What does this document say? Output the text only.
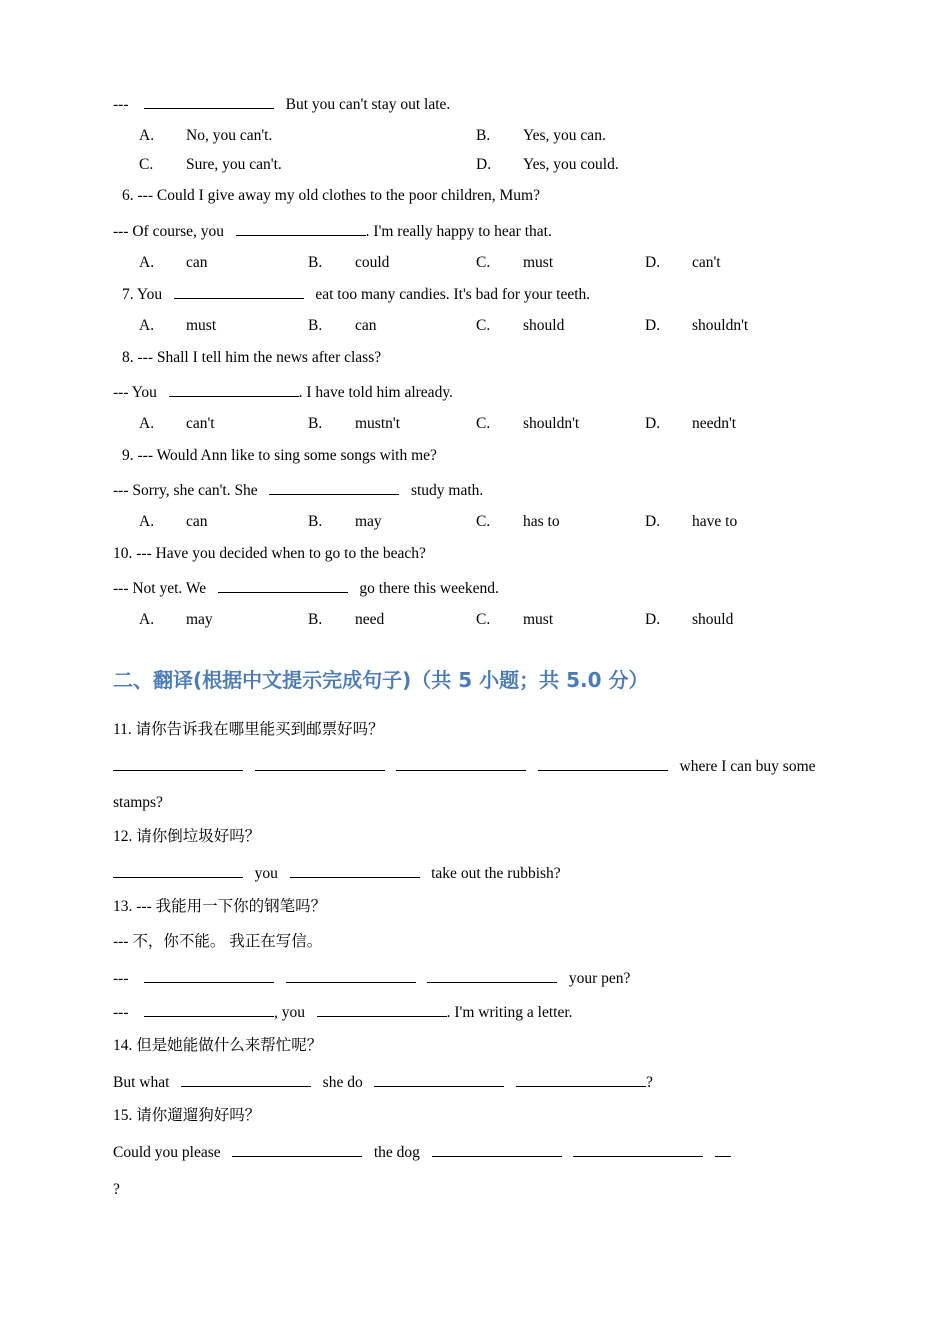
---	But you can't stay out late.
A. No, you can't.	B. Yes, you can.
C. Sure, you can't.	D. Yes, you could.
6. --- Could I give away my old clothes to the poor children, Mum?
--- Of course, you	. I'm really happy to hear that.
A. can	B. could	C. must	D. can't
7. You	eat too many candies. It's bad for your teeth.
A. must	B. can	C. should	D. shouldn't
8. --- Shall I tell him the news after class?
--- You	. I have told him already.
A. can't	B. mustn't	C. shouldn't	D. needn't
9. --- Would Ann like to sing some songs with me?
--- Sorry, she can't. She	study math.
A. can	B. may	C. has to	D. have to
10. --- Have you decided when to go to the beach?
--- Not yet. We	go there this weekend.
A. may	B. need	C. must	D. should
二、翻译(根据中文提示完成句子)（共 5 小题；共 5.0 分）
11. 请你告诉我在哪里能买到邮票好吗？
where I can buy some
stamps?
12. 请你倒垃圾好吗？
you	take out the rubbish?
13. --- 我能用一下你的钢笔吗？
--- 不，你不能。 我正在写信。
---	your pen?
---	, you	. I'm writing a letter.
14. 但是她能做什么来帮忙呢？
But what	she do	?
15. 请你遛遛狗好吗？
Could you please	the dog
?
